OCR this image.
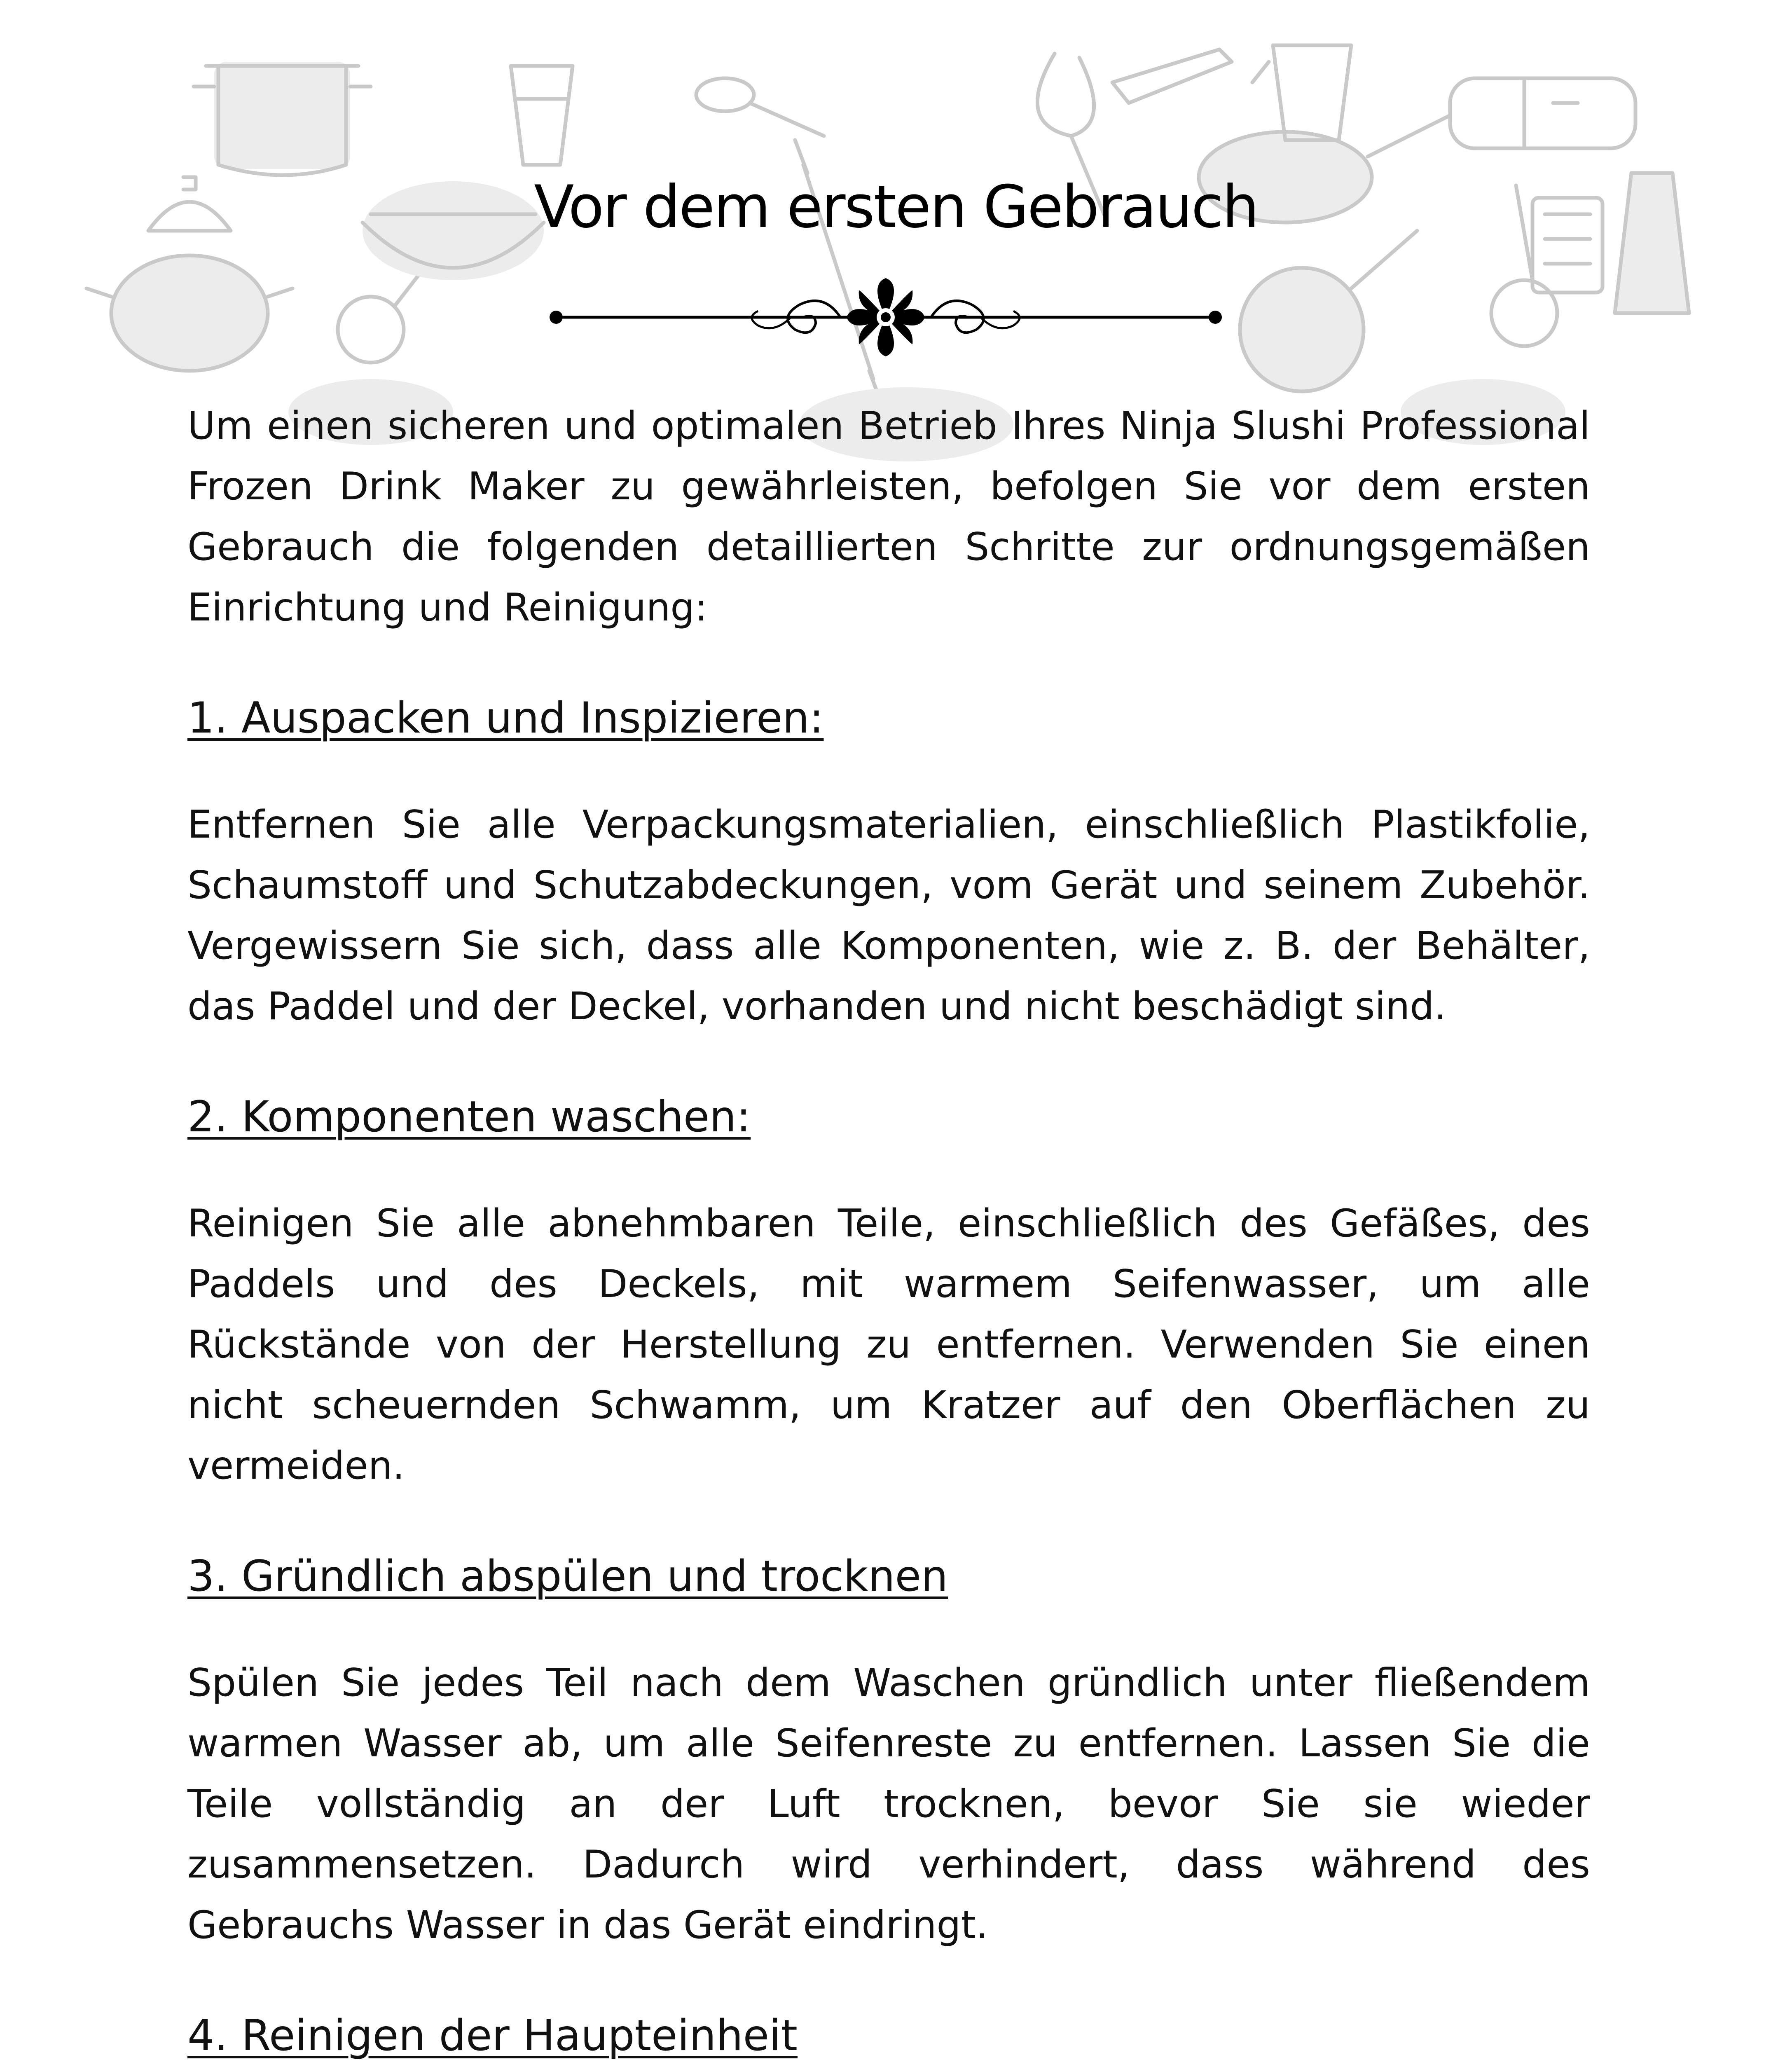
Vor dem ersten Gebrauch

Um einen sicheren und optimalen Betrieb Ihres Ninja Slushi Professional Frozen Drink Maker zu gewährleisten, befolgen Sie vor dem ersten Gebrauch die folgenden detaillierten Schritte zur ordnungsgemäßen Einrichtung und Reinigung:

1. Auspacken und Inspizieren:

Entfernen Sie alle Verpackungsmaterialien, einschließlich Plastikfolie, Schaumstoff und Schutzabdeckungen, vom Gerät und seinem Zubehör. Vergewissern Sie sich, dass alle Komponenten, wie z. B. der Behälter, das Paddel und der Deckel, vorhanden und nicht beschädigt sind.

2. Komponenten waschen:

Reinigen Sie alle abnehmbaren Teile, einschließlich des Gefäßes, des Paddels und des Deckels, mit warmem Seifenwasser, um alle Rückstände von der Herstellung zu entfernen. Verwenden Sie einen nicht scheuernden Schwamm, um Kratzer auf den Oberflächen zu vermeiden.

3. Gründlich abspülen und trocknen

Spülen Sie jedes Teil nach dem Waschen gründlich unter fließendem warmen Wasser ab, um alle Seifenreste zu entfernen. Lassen Sie die Teile vollständig an der Luft trocknen, bevor Sie sie wieder zusammensetzen. Dadurch wird verhindert, dass während des Gebrauchs Wasser in das Gerät eindringt.

4. Reinigen der Haupteinheit
